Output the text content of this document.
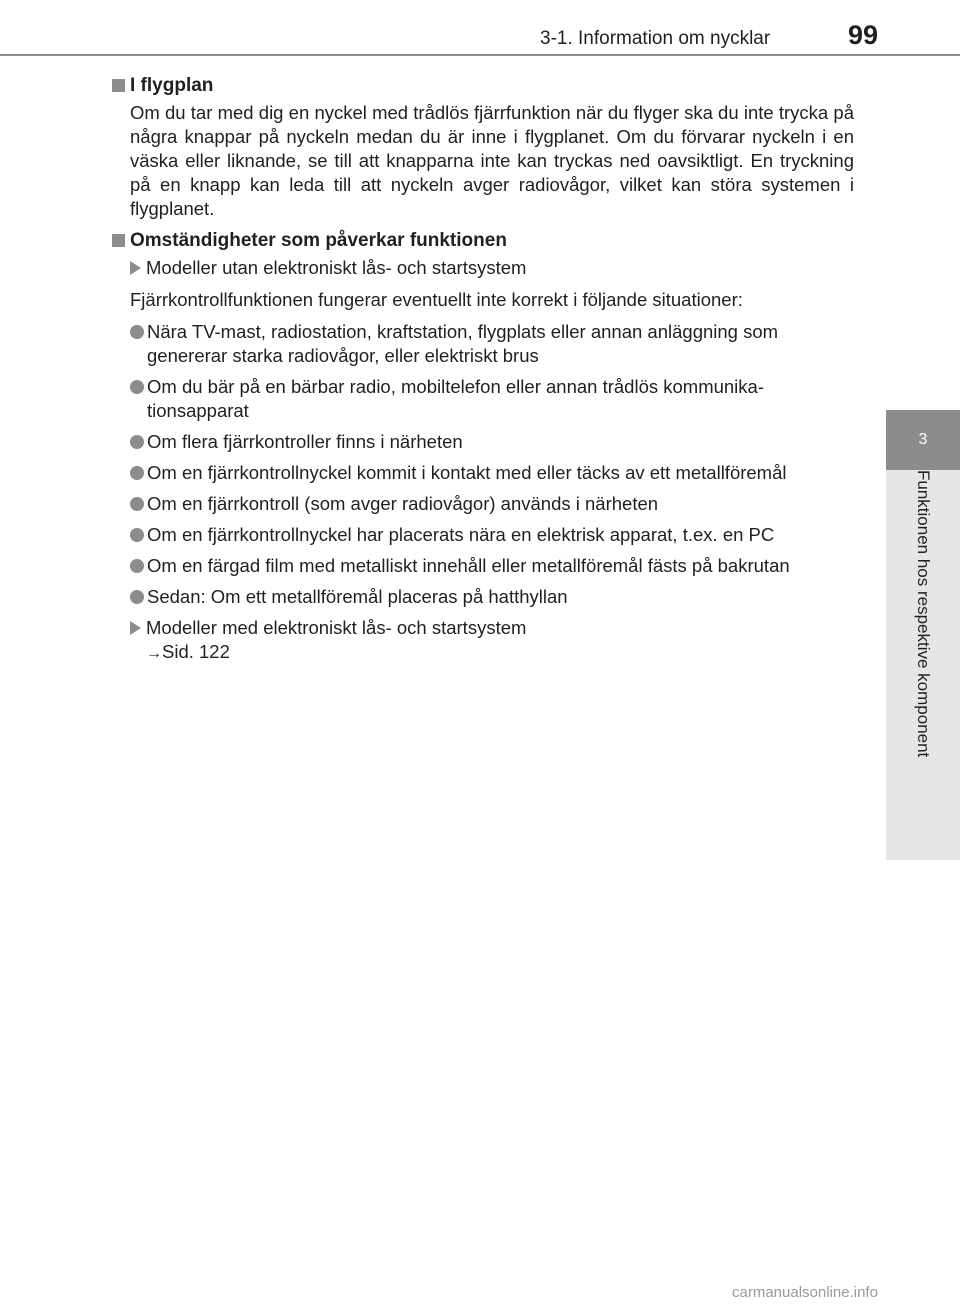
3-1. Information om nycklar	99
3
Funktionen hos respektive komponent
I flygplan
Om du tar med dig en nyckel med trådlös fjärrfunktion när du flyger ska du inte trycka på några knappar på nyckeln medan du är inne i flygplanet. Om du förvarar nyckeln i en väska eller liknande, se till att knapparna inte kan tryckas ned oavsiktligt. En tryckning på en knapp kan leda till att nyckeln avger radiovågor, vilket kan störa systemen i flygplanet.
Omständigheter som påverkar funktionen
Modeller utan elektroniskt lås- och startsystem
Fjärrkontrollfunktionen fungerar eventuellt inte korrekt i följande situationer:
Nära TV-mast, radiostation, kraftstation, flygplats eller annan anläggning som genererar starka radiovågor, eller elektriskt brus
Om du bär på en bärbar radio, mobiltelefon eller annan trådlös kommunika-tionsapparat
Om flera fjärrkontroller finns i närheten
Om en fjärrkontrollnyckel kommit i kontakt med eller täcks av ett metallföremål
Om en fjärrkontroll (som avger radiovågor) används i närheten
Om en fjärrkontrollnyckel har placerats nära en elektrisk apparat, t.ex. en PC
Om en färgad film med metalliskt innehåll eller metallföremål fästs på bakrutan
Sedan: Om ett metallföremål placeras på hatthyllan
Modeller med elektroniskt lås- och startsystem
→Sid. 122
carmanualsonline.info
